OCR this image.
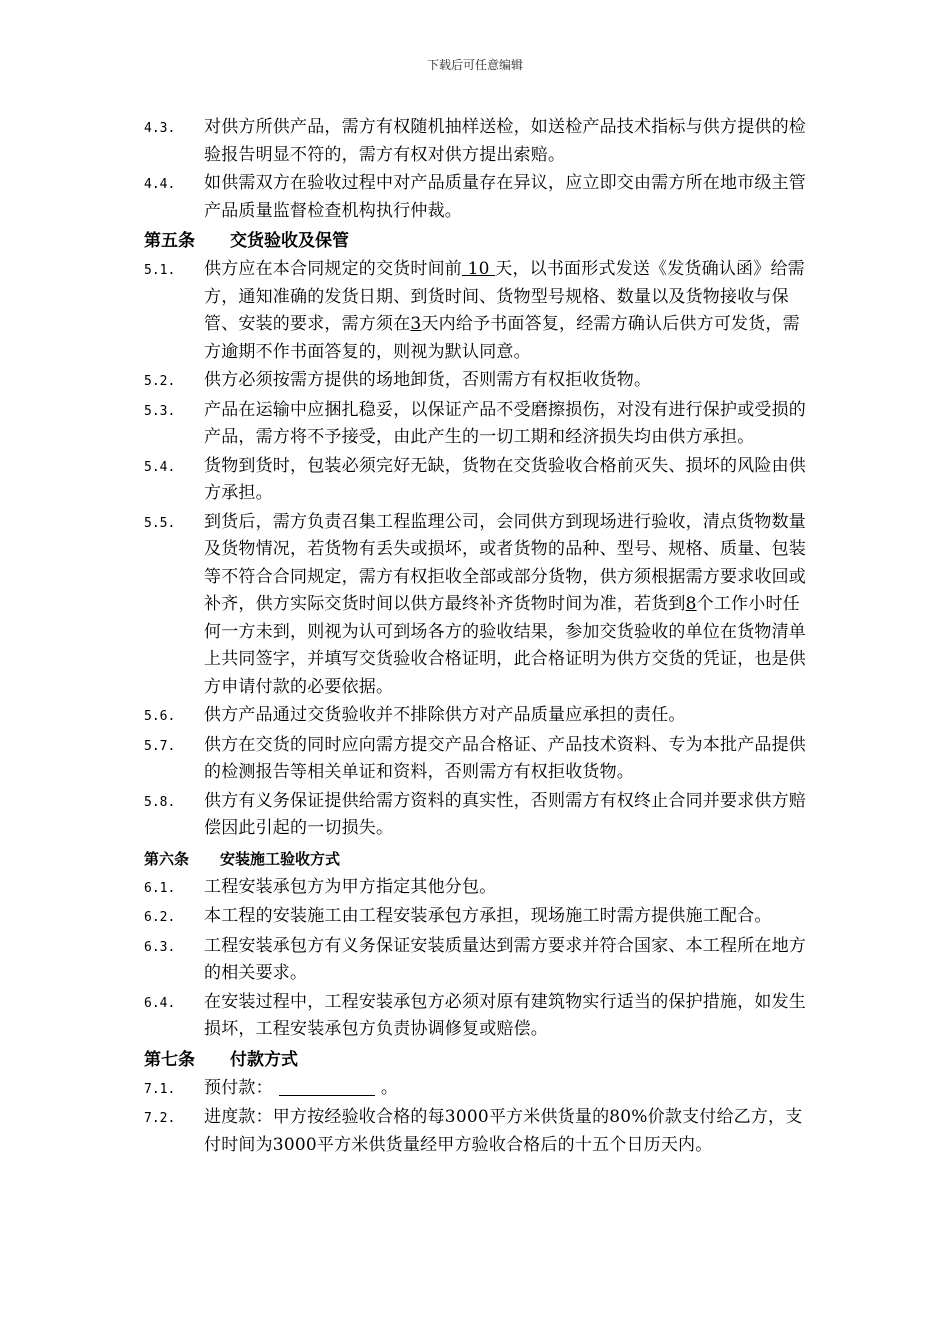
下载后可任意编辑
4.3.	对供方所供产品，需方有权随机抽样送检，如送检产品技术指标与供方提供的检验报告明显不符的，需方有权对供方提出索赔。
4.4.	如供需双方在验收过程中对产品质量存在异议，应立即交由需方所在地市级主管产品质量监督检查机构执行仲裁。
第五条	交货验收及保管
5.1.	供方应在本合同规定的交货时间前 10 天，以书面形式发送《发货确认函》给需方，通知准确的发货日期、到货时间、货物型号规格、数量以及货物接收与保管、安装的要求，需方须在3天内给予书面答复，经需方确认后供方可发货，需方逾期不作书面答复的，则视为默认同意。
5.2.	供方必须按需方提供的场地卸货，否则需方有权拒收货物。
5.3.	产品在运输中应捆扎稳妥，以保证产品不受磨擦损伤，对没有进行保护或受损的产品，需方将不予接受，由此产生的一切工期和经济损失均由供方承担。
5.4.	货物到货时，包装必须完好无缺，货物在交货验收合格前灭失、损坏的风险由供方承担。
5.5.	到货后，需方负责召集工程监理公司，会同供方到现场进行验收，清点货物数量及货物情况，若货物有丢失或损坏，或者货物的品种、型号、规格、质量、包装等不符合合同规定，需方有权拒收全部或部分货物，供方须根据需方要求收回或补齐，供方实际交货时间以供方最终补齐货物时间为准，若货到8个工作小时任何一方未到，则视为认可到场各方的验收结果，参加交货验收的单位在货物清单上共同签字，并填写交货验收合格证明，此合格证明为供方交货的凭证，也是供方申请付款的必要依据。
5.6.	供方产品通过交货验收并不排除供方对产品质量应承担的责任。
5.7.	供方在交货的同时应向需方提交产品合格证、产品技术资料、专为本批产品提供的检测报告等相关单证和资料，否则需方有权拒收货物。
5.8.	供方有义务保证提供给需方资料的真实性，否则需方有权终止合同并要求供方赔偿因此引起的一切损失。
第六条	安装施工验收方式
6.1.	工程安装承包方为甲方指定其他分包。
6.2.	本工程的安装施工由工程安装承包方承担，现场施工时需方提供施工配合。
6.3.	工程安装承包方有义务保证安装质量达到需方要求并符合国家、本工程所在地方的相关要求。
6.4.	在安装过程中，工程安装承包方必须对原有建筑物实行适当的保护措施，如发生损坏，工程安装承包方负责协调修复或赔偿。
第七条	付款方式
7.1.	预付款：	。
7.2.	进度款：甲方按经验收合格的每3000平方米供货量的80%价款支付给乙方，支付时间为3000平方米供货量经甲方验收合格后的十五个日历天内。
